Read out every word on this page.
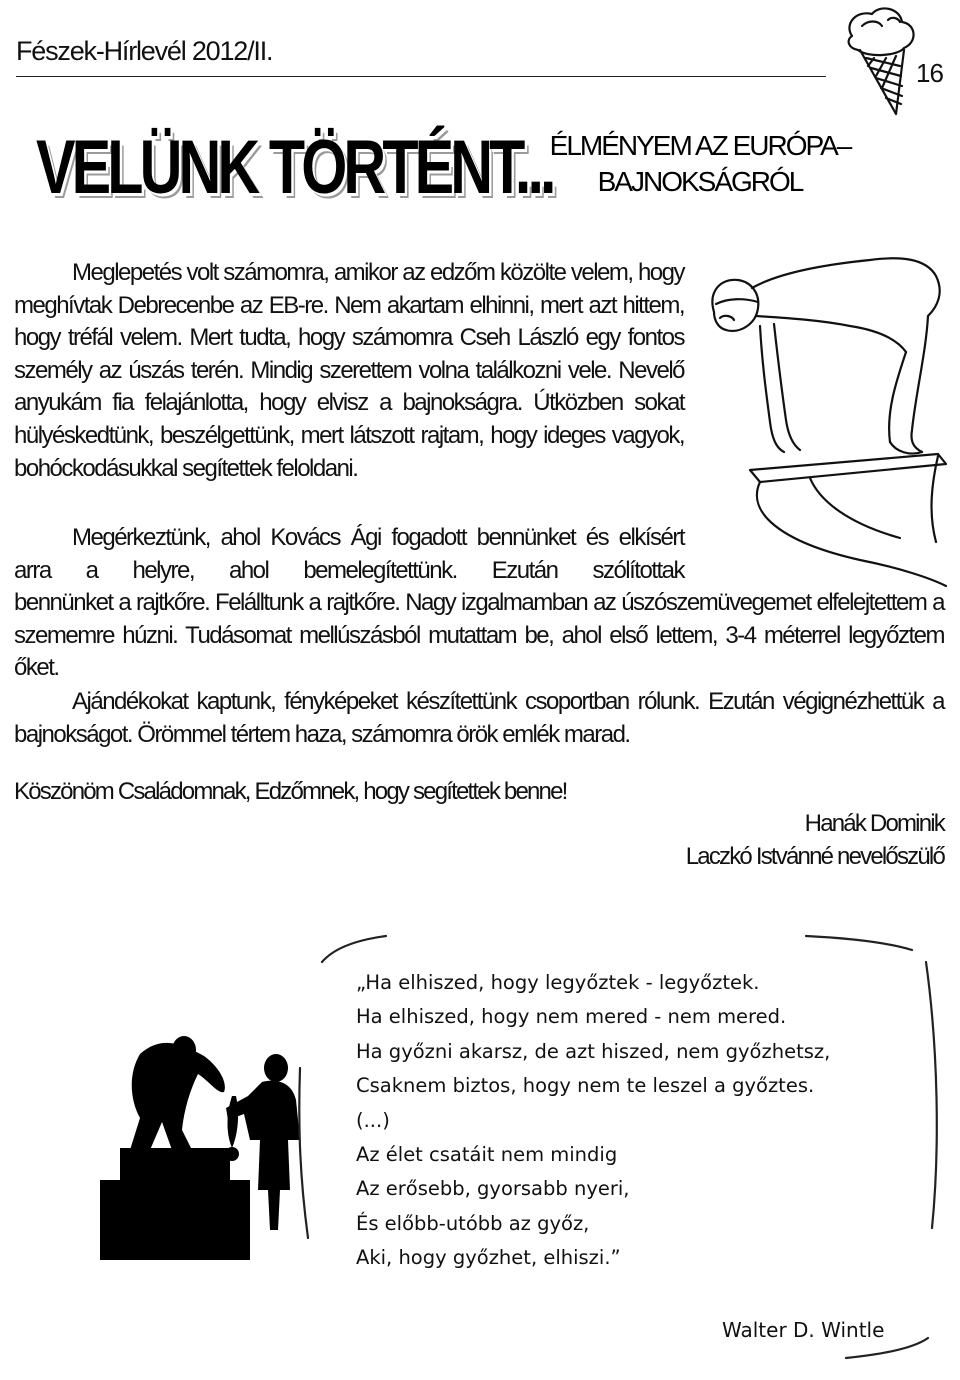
Fészek-Hírlevél 2012/II.
16
VELÜNK TÖRTÉNT...
ÉLMÉNYEM AZ EURÓPA–
BAJNOKSÁGRÓL

Meglepetés volt számomra, amikor az edzőm közölte velem, hogy meghívtak Debrecenbe az EB-re. Nem akartam elhinni, mert azt hittem, hogy tréfál velem. Mert tudta, hogy számomra Cseh László egy fontos személy az úszás terén. Mindig szerettem volna találkozni vele. Nevelő anyukám fia felajánlotta, hogy elvisz a bajnokságra. Útközben sokat hülyéskedtünk, beszélgettünk, mert látszott rajtam, hogy ideges vagyok, bohóckodásukkal segítettek feloldani.

Megérkeztünk, ahol Kovács Ági fogadott bennünket és elkísért arra a helyre, ahol bemelegítettünk. Ezután szólítottak

bennünket a rajtkőre. Felálltunk a rajtkőre. Nagy izgalmamban az úszószemüvegemet elfelejtettem a szememre húzni. Tudásomat mellúszásból mutattam be, ahol első lettem, 3-4 méterrel legyőztem őket.

Ajándékokat kaptunk, fényképeket készítettünk csoportban rólunk. Ezután végignézhettük a bajnokságot. Örömmel tértem haza, számomra örök emlék marad.

Köszönöm Családomnak, Edzőmnek, hogy segítettek benne!
Hanák Dominik
Laczkó Istvánné nevelőszülő
„Ha elhiszed, hogy legyőztek - legyőztek.
Ha elhiszed, hogy nem mered - nem mered.
Ha győzni akarsz, de azt hiszed, nem győzhetsz,
Csaknem biztos, hogy nem te leszel a győztes.
(...)
Az élet csatáit nem mindig
Az erősebb, gyorsabb nyeri,
És előbb-utóbb az győz,
Aki, hogy győzhet, elhiszi.”
Walter D. Wintle
